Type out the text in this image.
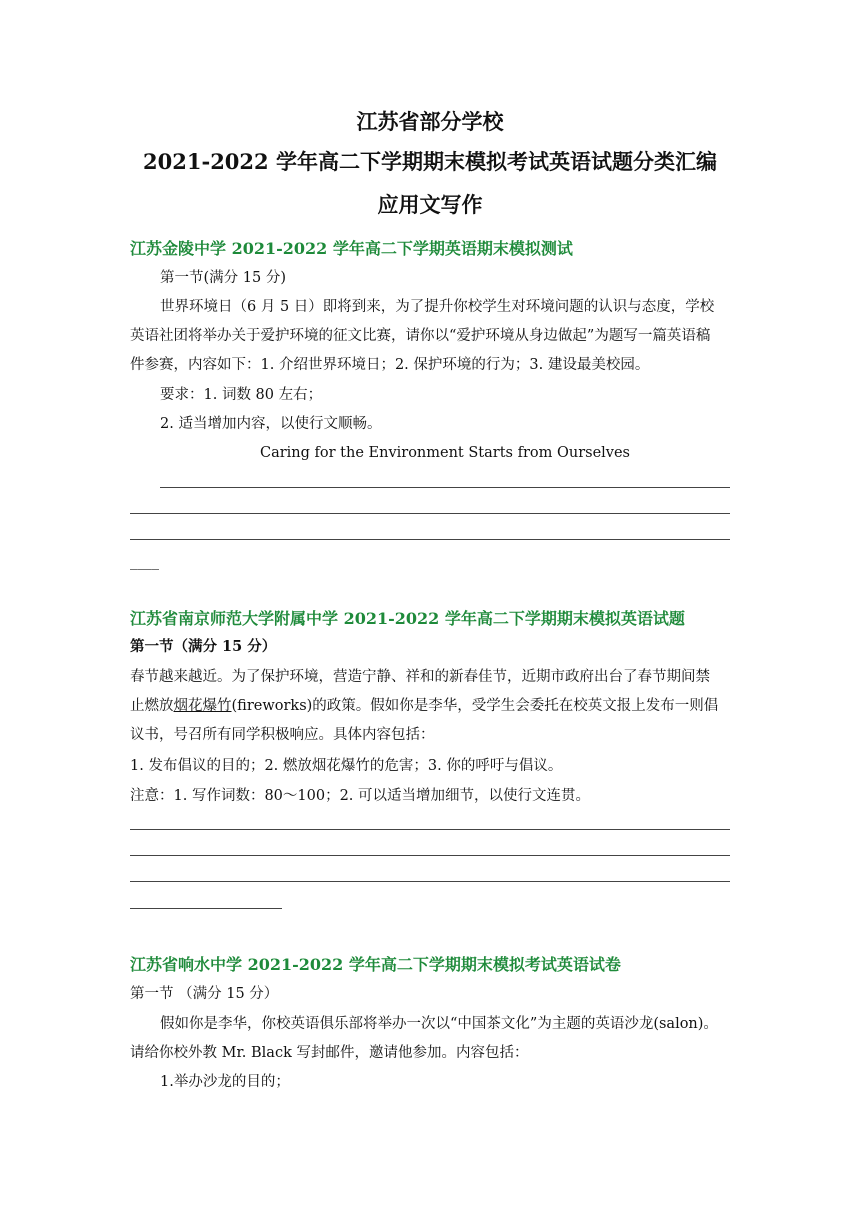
江苏省部分学校
2021-2022 学年高二下学期期末模拟考试英语试题分类汇编
应用文写作
江苏金陵中学 2021-2022 学年高二下学期英语期末模拟测试
第一节(满分 15 分)
世界环境日（6 月 5 日）即将到来，为了提升你校学生对环境问题的认识与态度，学校
英语社团将举办关于爱护环境的征文比赛，请你以“爱护环境从身边做起”为题写一篇英语稿
件参赛，内容如下：1. 介绍世界环境日；2. 保护环境的行为；3. 建设最美校园。
要求：1. 词数 80 左右；
2. 适当增加内容，以使行文顺畅。
Caring for the Environment Starts from Ourselves
____
江苏省南京师范大学附属中学 2021-2022 学年高二下学期期末模拟英语试题
第一节（满分 15 分）
春节越来越近。为了保护环境，营造宁静、祥和的新春佳节，近期市政府出台了春节期间禁
止燃放烟花爆竹(fireworks)的政策。假如你是李华，受学生会委托在校英文报上发布一则倡
议书，号召所有同学积极响应。具体内容包括：
1. 发布倡议的目的；2. 燃放烟花爆竹的危害；3. 你的呼吁与倡议。
注意：1. 写作词数：80～100；2. 可以适当增加细节，以使行文连贯。
江苏省响水中学 2021-2022 学年高二下学期期末模拟考试英语试卷
第一节 （满分 15 分）
假如你是李华，你校英语俱乐部将举办一次以“中国茶文化”为主题的英语沙龙(salon)。
请给你校外教 Mr. Black 写封邮件，邀请他参加。内容包括：
1.举办沙龙的目的；
